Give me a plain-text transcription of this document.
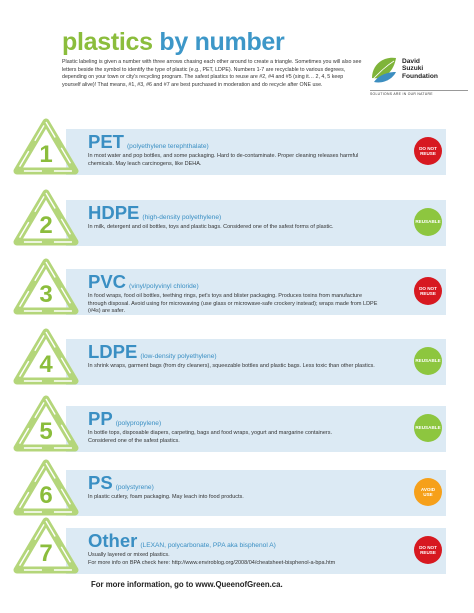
plastics by number
Plastic labeling is given a number with three arrows chasing each other around to create a triangle. Sometimes you will also see letters beside the symbol to identify the type of plastic (e.g., PET, LDPE). Numbers 1-7 are recyclable to various degrees, depending on your town or city's recycling program. The safest plastics to reuse are #2, #4 and #5 (sing it… 2, 4, 5 keep yourself alive)! That means, #1, #3, #6 and #7 are best purchased in moderation and do recycle after ONE use.
David
Suzuki
Foundation
SOLUTIONS ARE IN OUR NATURE
1 PET (polyethylene terephthalate)
In most water and pop bottles, and some packaging. Hard to de-contaminate. Proper cleaning releases harmful
chemicals. May leach carcinogens, like DEHA.
DO NOT
REUSE
2 HDPE (high-density polyethylene)
In milk, detergent and oil bottles, toys and plastic bags. Considered one of the safest forms of plastic.
REUSABLE
3 PVC (vinyl/polyvinyl chloride)
In food wraps, food oil bottles, teething rings, pet's toys and blister packaging. Produces toxins from manufacture
through disposal. Avoid using for microwaving (use glass or microwave-safe crockery instead); wraps made from LDPE
(#4s) are safer.
DO NOT
REUSE
4 LDPE (low-density polyethylene)
In shrink wraps, garment bags (from dry cleaners), squeezable bottles and plastic bags. Less toxic than other plastics.
REUSABLE
5 PP (polypropylene)
In bottle tops, disposable diapers, carpeting, bags and food wraps, yogurt and margarine containers.
Considered one of the safest plastics.
REUSABLE
6 PS (polystyrene)
In plastic cutlery, foam packaging. May leach into food products.
AVOID
USE
7 Other (LEXAN, polycarbonate, PPA aka bisphenol A)
Usually layered or mixed plastics.
For more info on BPA check here: http://www.enviroblog.org/2008/04/cheatsheet-bisphenol-a-bpa.htm
DO NOT
REUSE
For more information, go to www.QueenofGreen.ca.
